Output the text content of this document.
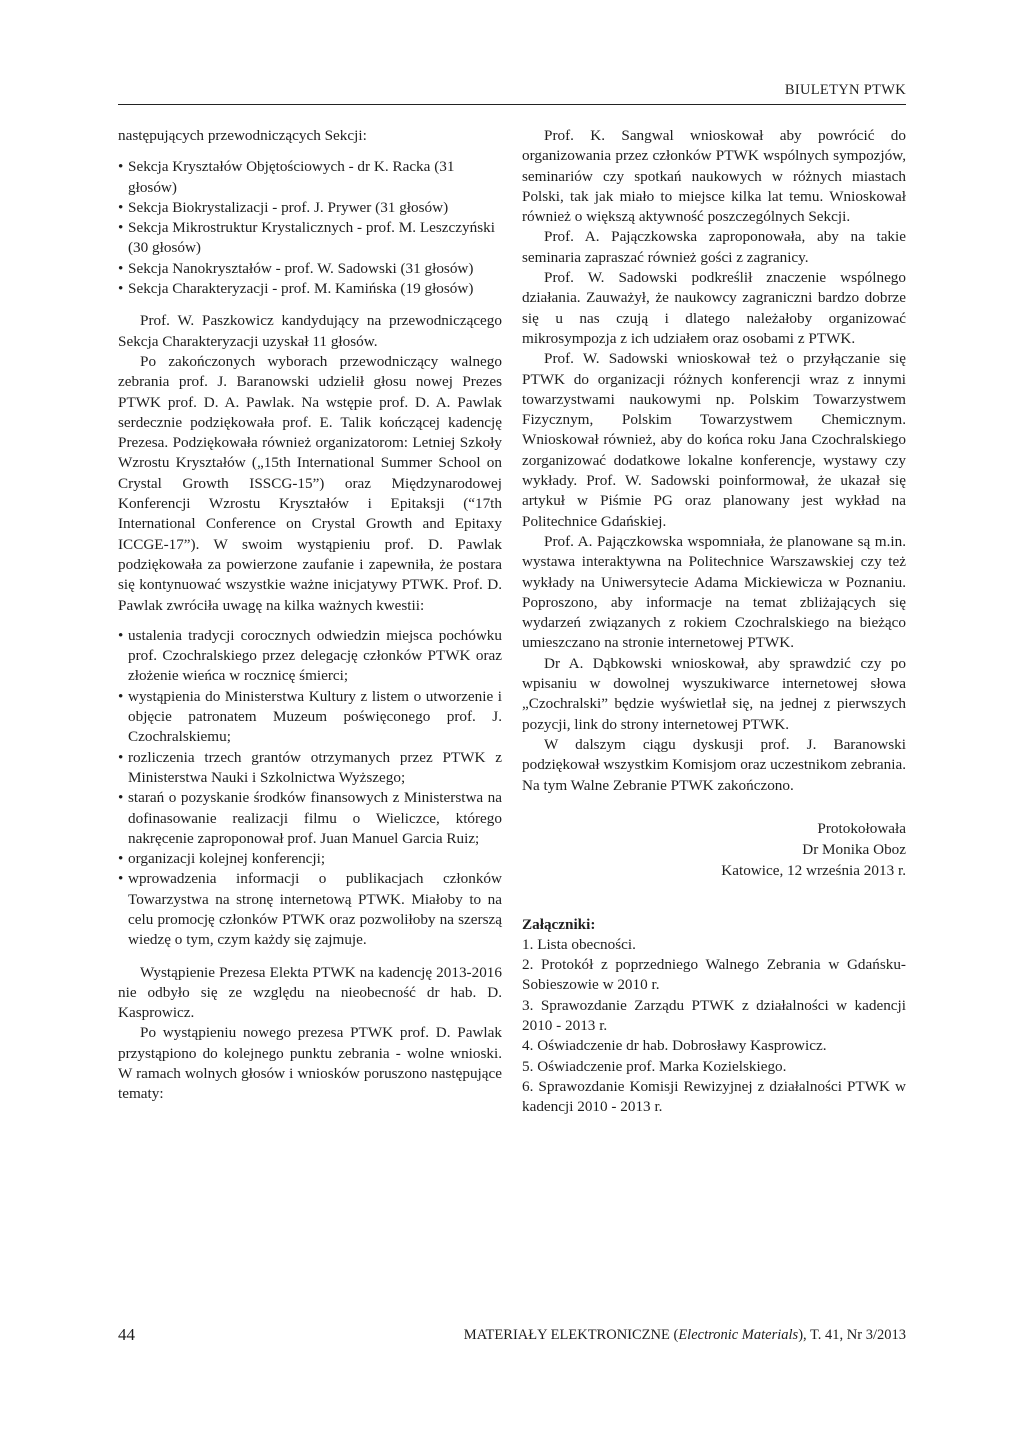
BIULETYN PTWK

następujących przewodniczących Sekcji:

• Sekcja Kryształów Objętościowych - dr K. Racka (31 głosów)
• Sekcja Biokrystalizacji - prof. J. Prywer (31 głosów)
• Sekcja Mikrostruktur Krystalicznych - prof. M. Leszczyński (30 głosów)
• Sekcja Nanokryształów - prof. W. Sadowski (31 głosów)
• Sekcja Charakteryzacji - prof. M. Kamińska (19 głosów)

Prof. W. Paszkowicz kandydujący na przewodniczącego Sekcja Charakteryzacji uzyskał 11 głosów.

Po zakończonych wyborach przewodniczący walnego zebrania prof. J. Baranowski udzielił głosu nowej Prezes PTWK prof. D. A. Pawlak. Na wstępie prof. D. A. Pawlak serdecznie podziękowała prof. E. Talik kończącej kadencję Prezesa. Podziękowała również organizatorom: Letniej Szkoły Wzrostu Kryształów („15th International Summer School on Crystal Growth ISSCG-15”) oraz Międzynarodowej Konferencji Wzrostu Kryształów i Epitaksji (“17th International Conference on Crystal Growth and Epitaxy ICCGE-17”). W swoim wystąpieniu prof. D. Pawlak podziękowała za powierzone zaufanie i zapewniła, że postara się kontynuować wszystkie ważne inicjatywy PTWK. Prof. D. Pawlak zwróciła uwagę na kilka ważnych kwestii:

• ustalenia tradycji corocznych odwiedzin miejsca pochówku prof. Czochralskiego przez delegację członków PTWK oraz złożenie wieńca w rocznicę śmierci;
• wystąpienia do Ministerstwa Kultury z listem o utworzenie i objęcie patronatem Muzeum poświęconego prof. J. Czochralskiemu;
• rozliczenia trzech grantów otrzymanych przez PTWK z Ministerstwa Nauki i Szkolnictwa Wyższego;
• starań o pozyskanie środków finansowych z Ministerstwa na dofinasowanie realizacji filmu o Wieliczce, którego nakręcenie zaproponował prof. Juan Manuel Garcia Ruiz;
• organizacji kolejnej konferencji;
• wprowadzenia informacji o publikacjach członków Towarzystwa na stronę internetową PTWK. Miałoby to na celu promocję członków PTWK oraz pozwoliłoby na szerszą wiedzę o tym, czym każdy się zajmuje.

Wystąpienie Prezesa Elekta PTWK na kadencję 2013-2016 nie odbyło się ze względu na nieobecność dr hab. D. Kasprowicz.

Po wystąpieniu nowego prezesa PTWK prof. D. Pawlak przystąpiono do kolejnego punktu zebrania - wolne wnioski. W ramach wolnych głosów i wniosków poruszono następujące tematy:

Prof. K. Sangwal wnioskował aby powrócić do organizowania przez członków PTWK wspólnych sympozjów, seminariów czy spotkań naukowych w różnych miastach Polski, tak jak miało to miejsce kilka lat temu. Wnioskował również o większą aktywność poszczególnych Sekcji.

Prof. A. Pajączkowska zaproponowała, aby na takie seminaria zapraszać również gości z zagranicy.

Prof. W. Sadowski podkreślił znaczenie wspólnego działania. Zauważył, że naukowcy zagraniczni bardzo dobrze się u nas czują i dlatego należałoby organizować mikrosympozja z ich udziałem oraz osobami z PTWK.

Prof. W. Sadowski wnioskował też o przyłączanie się PTWK do organizacji różnych konferencji wraz z innymi towarzystwami naukowymi np. Polskim Towarzystwem Fizycznym, Polskim Towarzystwem Chemicznym. Wnioskował również, aby do końca roku Jana Czochralskiego zorganizować dodatkowe lokalne konferencje, wystawy czy wykłady. Prof. W. Sadowski poinformował, że ukazał się artykuł w Piśmie PG oraz planowany jest wykład na Politechnice Gdańskiej.

Prof. A. Pajączkowska wspomniała, że planowane są m.in. wystawa interaktywna na Politechnice Warszawskiej czy też wykłady na Uniwersytecie Adama Mickiewicza w Poznaniu. Poproszono, aby informacje na temat zbliżających się wydarzeń związanych z rokiem Czochralskiego na bieżąco umieszczano na stronie internetowej PTWK.

Dr A. Dąbkowski wnioskował, aby sprawdzić czy po wpisaniu w dowolnej wyszukiwarce internetowej słowa „Czochralski” będzie wyświetlał się, na jednej z pierwszych pozycji, link do strony internetowej PTWK.

W dalszym ciągu dyskusji prof. J. Baranowski podziękował wszystkim Komisjom oraz uczestnikom zebrania. Na tym Walne Zebranie PTWK zakończono.

Protokołowała
Dr Monika Oboz
Katowice, 12 września 2013 r.
Załączniki:
1. Lista obecności.
2. Protokół z poprzedniego Walnego Zebrania w Gdańsku-Sobieszowie w 2010 r.
3. Sprawozdanie Zarządu PTWK z działalności w kadencji 2010 - 2013 r.
4. Oświadczenie dr hab. Dobrosławy Kasprowicz.
5. Oświadczenie prof. Marka Kozielskiego.
6. Sprawozdanie Komisji Rewizyjnej z działalności PTWK w kadencji 2010 - 2013 r.
44	MATERIAŁY ELEKTRONICZNE (Electronic Materials), T. 41, Nr 3/2013
